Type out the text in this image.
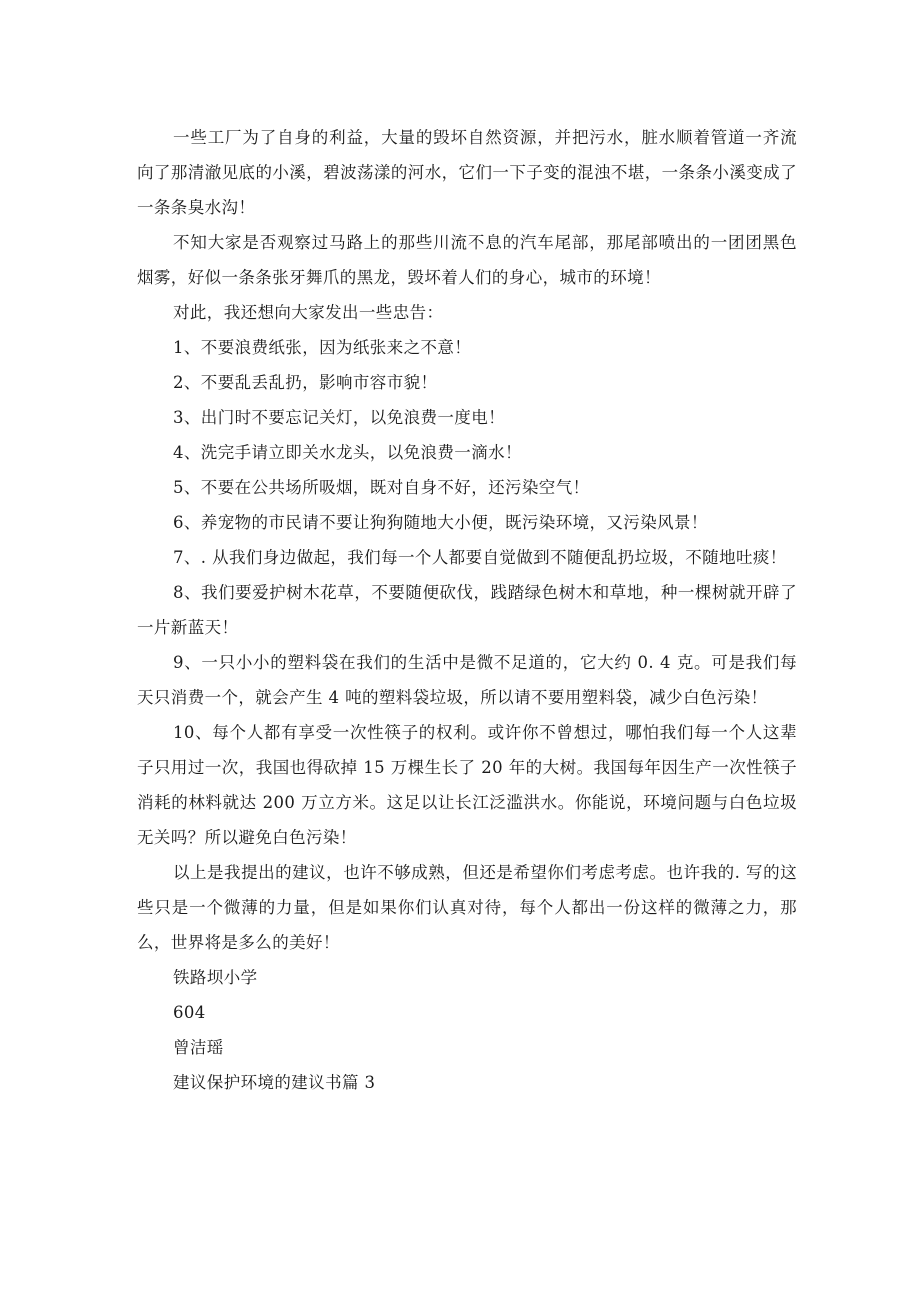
一些工厂为了自身的利益，大量的毁坏自然资源，并把污水，脏水顺着管道一齐流向了那清澈见底的小溪，碧波荡漾的河水，它们一下子变的混浊不堪，一条条小溪变成了一条条臭水沟！

不知大家是否观察过马路上的那些川流不息的汽车尾部，那尾部喷出的一团团黑色烟雾，好似一条条张牙舞爪的黑龙，毁坏着人们的身心，城市的环境！

对此，我还想向大家发出一些忠告：

1、不要浪费纸张，因为纸张来之不意！

2、不要乱丢乱扔，影响市容市貌！

3、出门时不要忘记关灯，以免浪费一度电！

4、洗完手请立即关水龙头，以免浪费一滴水！

5、不要在公共场所吸烟，既对自身不好，还污染空气！

6、养宠物的市民请不要让狗狗随地大小便，既污染环境，又污染风景！

7、. 从我们身边做起，我们每一个人都要自觉做到不随便乱扔垃圾，不随地吐痰！

8、我们要爱护树木花草，不要随便砍伐，践踏绿色树木和草地，种一棵树就开辟了一片新蓝天！

9、一只小小的塑料袋在我们的生活中是微不足道的，它大约 0. 4 克。可是我们每天只消费一个，就会产生 4 吨的塑料袋垃圾，所以请不要用塑料袋，减少白色污染！

10、每个人都有享受一次性筷子的权利。或许你不曾想过，哪怕我们每一个人这辈子只用过一次，我国也得砍掉 15 万棵生长了 20 年的大树。我国每年因生产一次性筷子消耗的林料就达 200 万立方米。这足以让长江泛滥洪水。你能说，环境问题与白色垃圾无关吗？所以避免白色污染！

以上是我提出的建议，也许不够成熟，但还是希望你们考虑考虑。也许我的. 写的这些只是一个微薄的力量，但是如果你们认真对待，每个人都出一份这样的微薄之力，那么，世界将是多么的美好！

铁路坝小学

604

曾洁瑶

建议保护环境的建议书篇 3
